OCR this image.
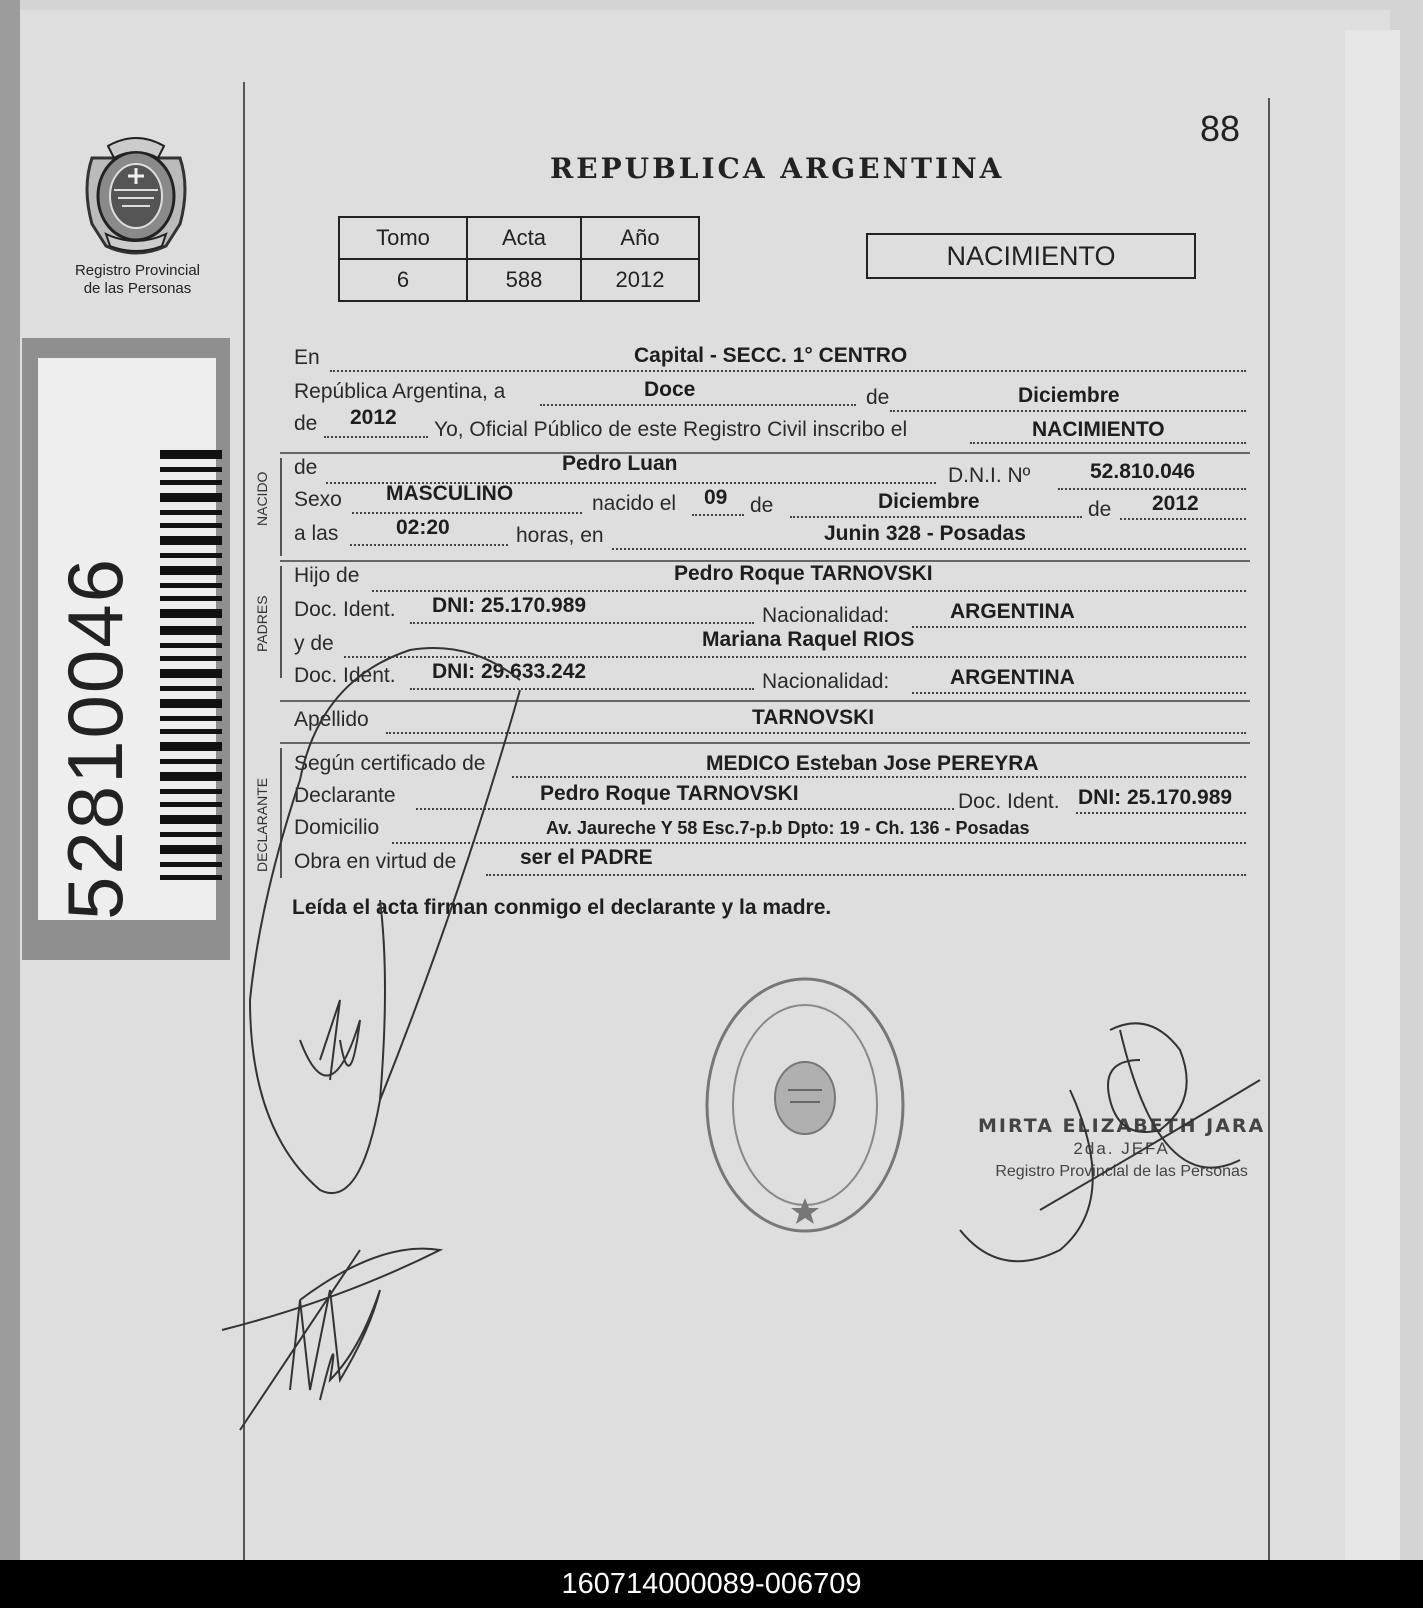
Registro Provincial
de las Personas
52810046
88
REPUBLICA ARGENTINA
Tomo	Acta	Año
6	588	2012
NACIMIENTO
En	Capital - SECC. 1° CENTRO
República Argentina, a	Doce	de	Diciembre
de 2012
Yo, Oficial Público de este Registro Civil inscribo el	NACIMIENTO
NACIDO
de	Pedro Luan
D.N.I. Nº	52.810.046
Sexo MASCULINO	nacido el 09 de	Diciembre	de 2012
a las	02:20	horas, en	Junin 328 - Posadas
PADRES
Hijo de	Pedro Roque TARNOVSKI
Doc. Ident. DNI: 25.170.989	Nacionalidad:	ARGENTINA
y de	Mariana Raquel RIOS
Doc. Ident. DNI: 29.633.242	Nacionalidad:	ARGENTINA
Apellido	TARNOVSKI
DECLARANTE
Según certificado de	MEDICO Esteban Jose PEREYRA
Declarante	Pedro Roque TARNOVSKI	Doc. Ident. DNI: 25.170.989
Domicilio	Av. Jaureche Y 58 Esc.7-p.b Dpto: 19 - Ch. 136 - Posadas
Obra en virtud de	ser el PADRE
Leída el acta firman conmigo el declarante y la madre.
MIRTA ELIZABETH JARA
2da. JEFA
Registro Provincial de las Personas
160714000089-006709
